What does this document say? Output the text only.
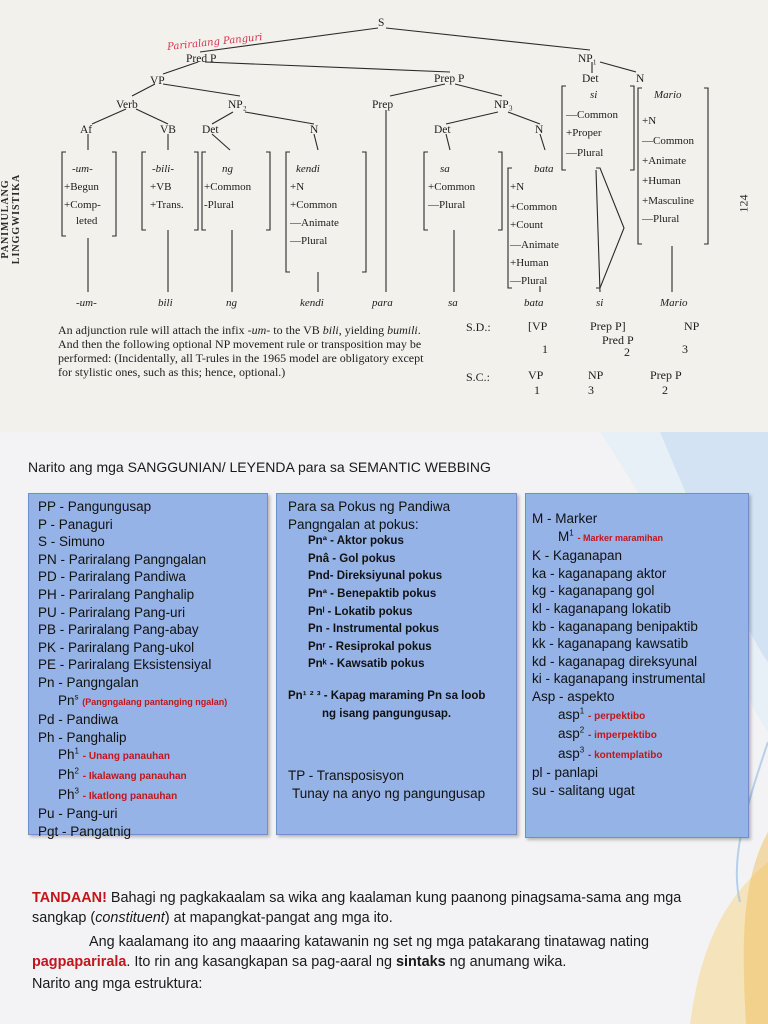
PANIMULANG LINGGWISTIKA	124
Pariralang Panguri
S
Pred P	NP₁
VP	Prep P	Det	N
Verb	NP₂	Prep	NP₃
Af	VB Det	N	Det	N
-um-
+Begun
+Comp-
leted
-bili-
+VB
+Trans.
ng
+Common
-Plural
kendi
+N
+Common
—Animate
—Plural
sa
+Common
—Plural
bata
+N
+Common
+Count
—Animate
+Human
—Plural
si
—Common
+Proper
—Plural
Mario
+N
—Common
+Animate
+Human
+Masculine
—Plural
-um-	bili	ng	kendi	para	sa	bata	si	Mario
An adjunction rule will attach the infix -um- to the VB bili, yielding bumili. And then the following optional NP movement rule or transposition may be performed: (Incidentally, all T-rules in the 1965 model are obligatory except for stylistic ones, such as this; hence, optional.)
S.D.:	[VP	Prep P]	NP
Pred P
1	2	3
S.C.:	VP	NP	Prep P
1	3	2
Narito ang mga SANGGUNIAN/ LEYENDA para sa SEMANTIC WEBBING
PP - Pangungusap
P - Panaguri
S - Simuno
PN - Pariralang Pangngalan
PD - Pariralang Pandiwa
PH - Pariralang Panghalip
PU - Pariralang Pang-uri
PB - Pariralang Pang-abay
PK - Pariralang Pang-ukol
PE - Pariralang Eksistensiyal
Pn - Pangngalan
Pn$^s$ (Pangngalang pantanging ngalan)
Pd - Pandiwa
Ph - Panghalip
Ph$^1$ - Unang panauhan
Ph$^2$ - Ikalawang panauhan
Ph$^3$ - Ikatlong panauhan
Pu - Pang-uri
Pgt - Pangatnig
Para sa Pokus ng Pandiwa
Pangngalan at pokus:
Pnª - Aktor pokus
Pnâ - Gol pokus
Pnd- Direksiyunal pokus
Pnª - Benepaktib pokus
Pnˡ - Lokatib pokus
Pn - Instrumental pokus
Pnʳ - Resiprokal pokus
Pnᵏ - Kawsatib pokus
Pn¹ ² ³ - Kapag maraming Pn sa loob
ng isang pangungusap.
TP - Transposisyon
Tunay na anyo ng pangungusap
M - Marker
$M^1$ - Marker maramihan
K - Kaganapan
ka - kaganapang aktor
kg - kaganapang gol
kl - kaganapang lokatib
kb - kaganapang benipaktib
kk - kaganapang kawsatib
kd - kaganapag direksyunal
ki - kaganapang instrumental
Asp - aspekto
asp$^1$ - perpektibo
asp$^2$ - imperpektibo
asp$^3$ - kontemplatibo
pl - panlapi
su - salitang ugat
TANDAAN! Bahagi ng pagkakaalam sa wika ang kaalaman kung paanong pinagsama-sama ang mga sangkap (constituent) at mapangkat-pangat ang mga ito.
Ang kaalamang ito ang maaaring katawanin ng set ng mga patakarang tinatawag nating pagpaparirala. Ito rin ang kasangkapan sa pag-aaral ng sintaks ng anumang wika.
Narito ang mga estruktura:
